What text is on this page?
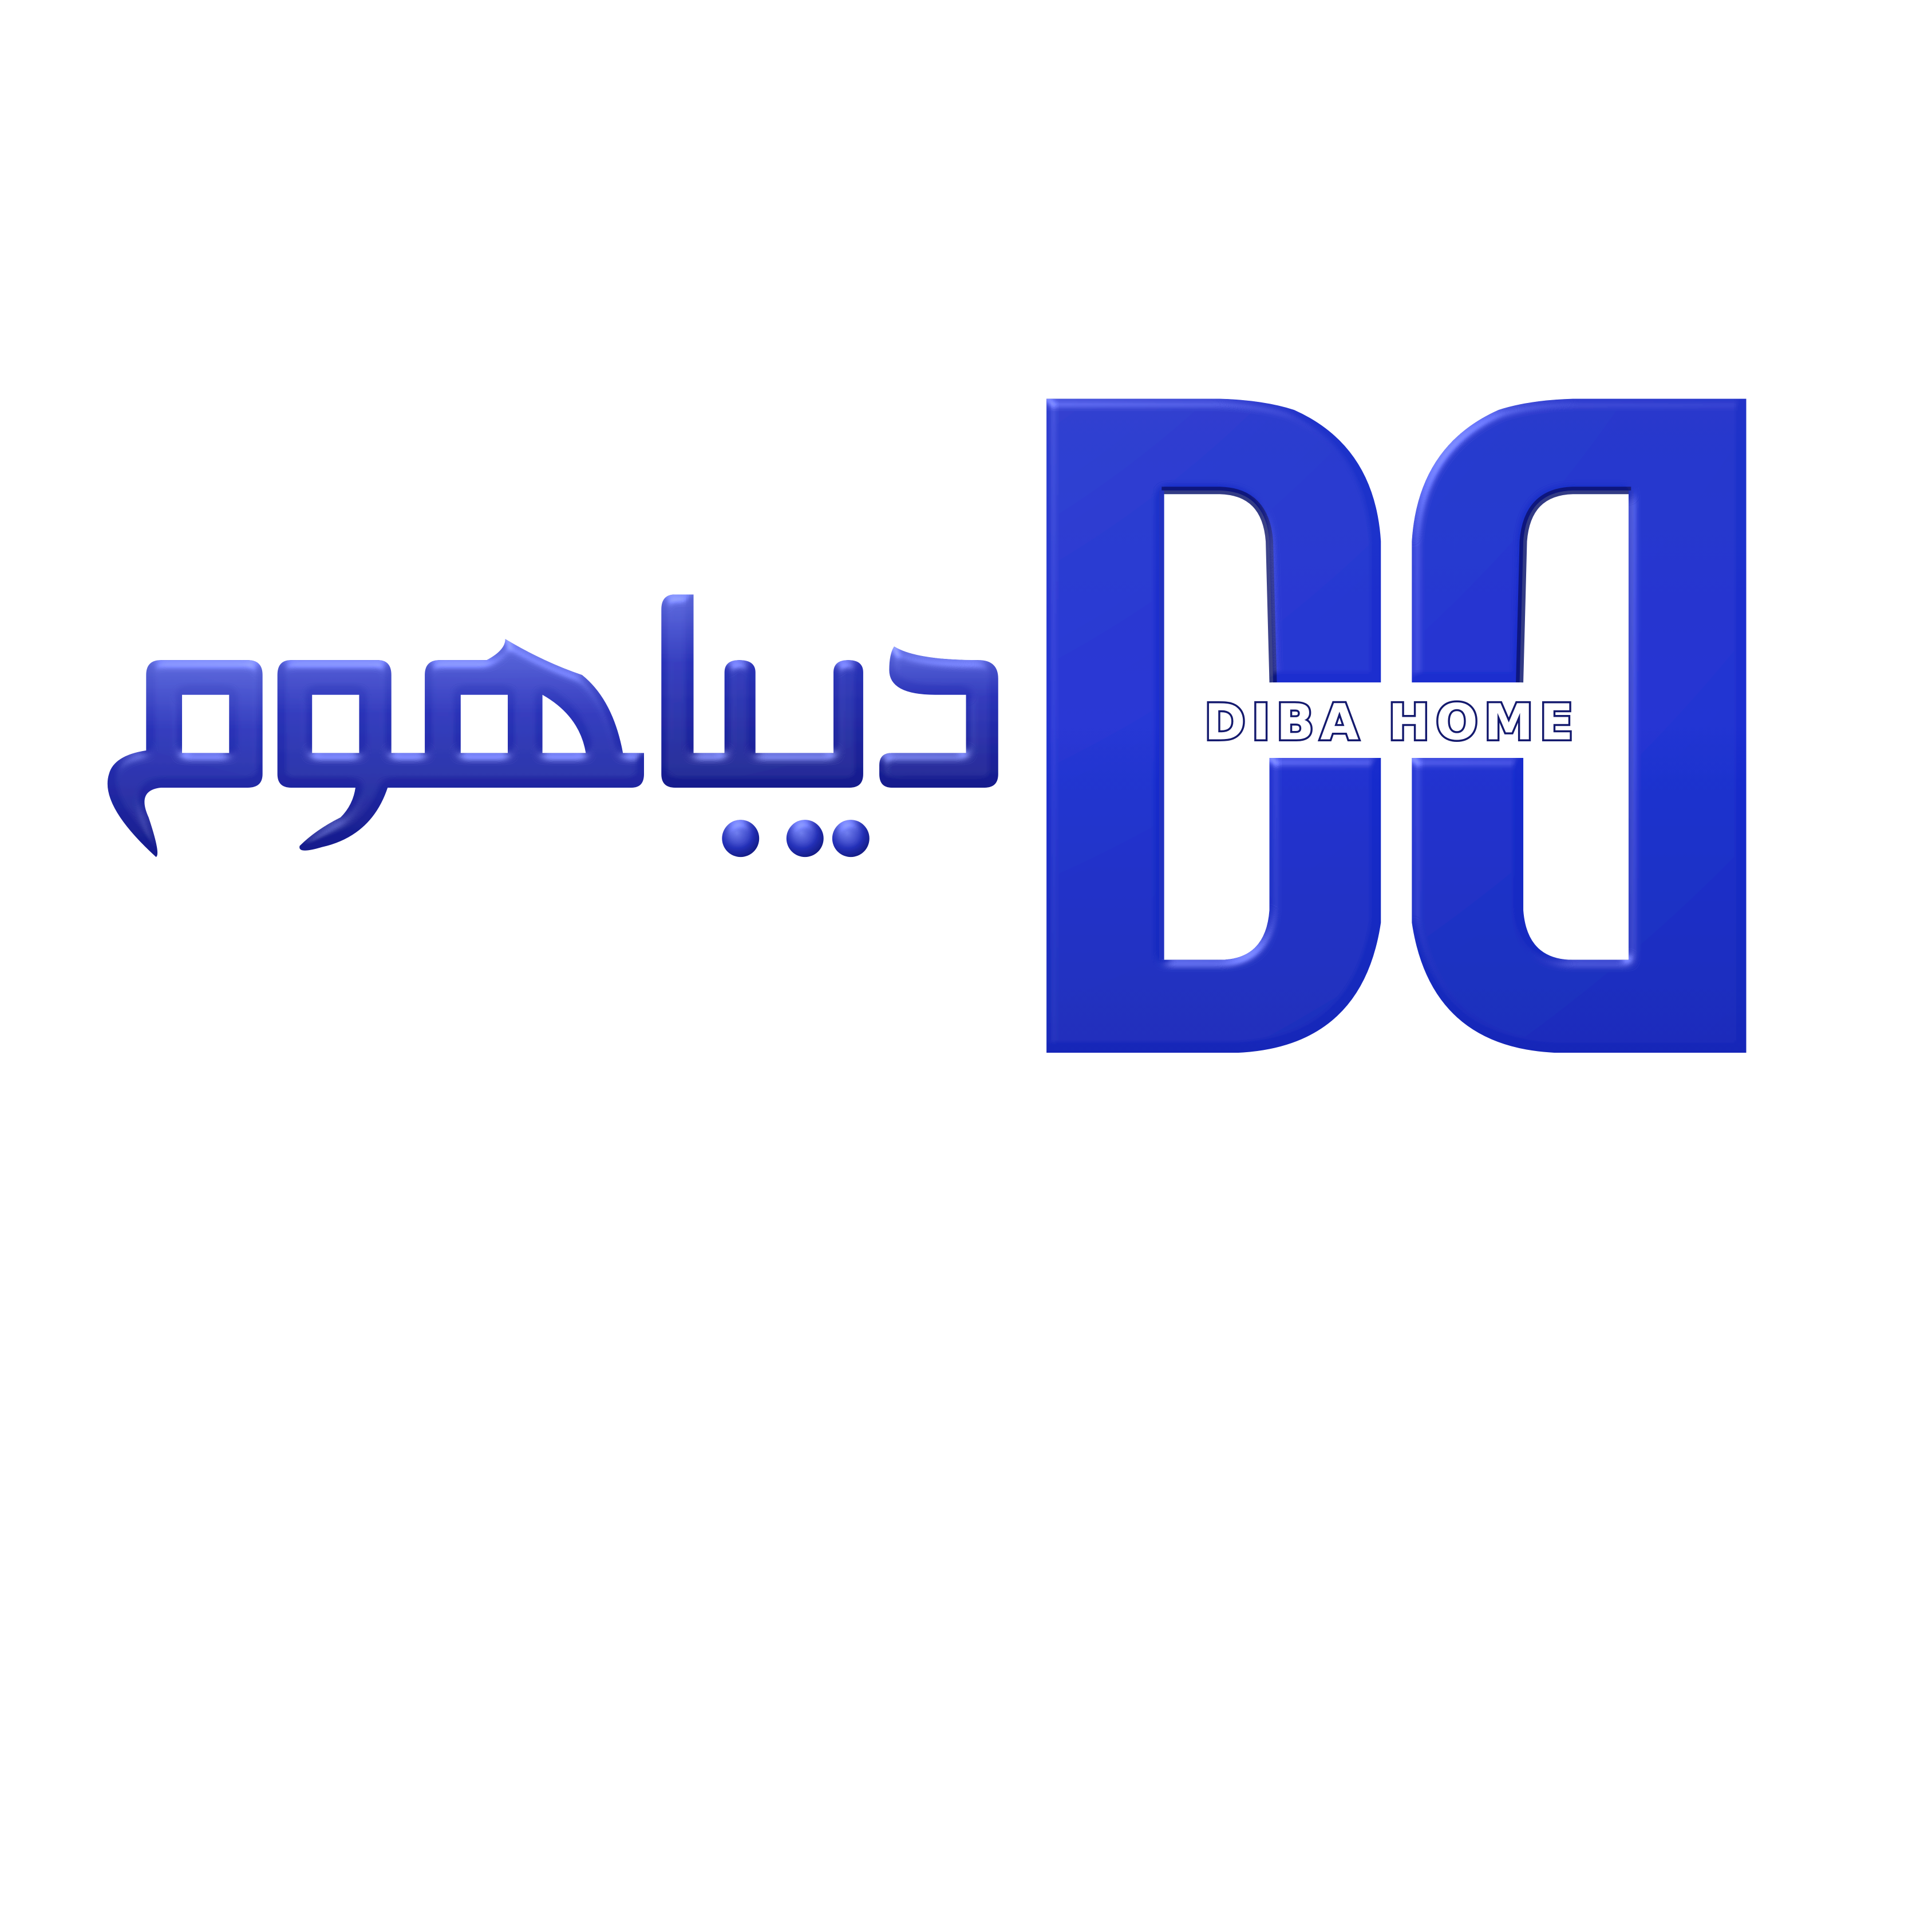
DIBA HOME
